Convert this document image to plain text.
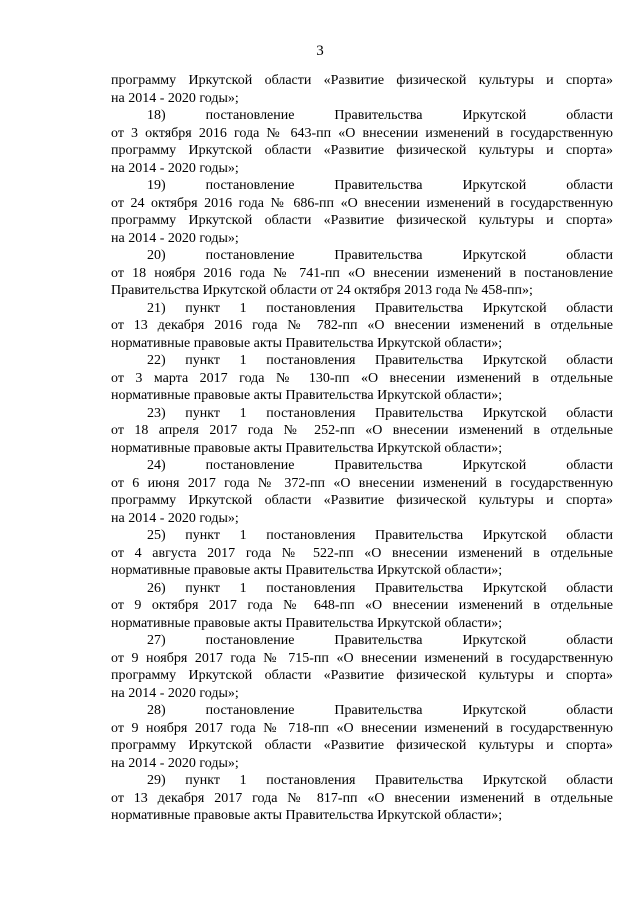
3
программу Иркутской области «Развитие физической культуры и спорта»
на 2014 - 2020 годы»;
18) постановление Правительства Иркутской области
от 3 октября 2016 года № 643-пп «О внесении изменений в государственную
программу Иркутской области «Развитие физической культуры и спорта»
на 2014 - 2020 годы»;
19) постановление Правительства Иркутской области
от 24 октября 2016 года № 686-пп «О внесении изменений в государственную
программу Иркутской области «Развитие физической культуры и спорта»
на 2014 - 2020 годы»;
20) постановление Правительства Иркутской области
от 18 ноября 2016 года № 741-пп «О внесении изменений в постановление
Правительства Иркутской области от 24 октября 2013 года № 458-пп»;
21) пункт 1 постановления Правительства Иркутской области
от 13 декабря 2016 года № 782-пп «О внесении изменений в отдельные
нормативные правовые акты Правительства Иркутской области»;
22) пункт 1 постановления Правительства Иркутской области
от 3 марта 2017 года № 130-пп «О внесении изменений в отдельные
нормативные правовые акты Правительства Иркутской области»;
23) пункт 1 постановления Правительства Иркутской области
от 18 апреля 2017 года № 252-пп «О внесении изменений в отдельные
нормативные правовые акты Правительства Иркутской области»;
24) постановление Правительства Иркутской области
от 6 июня 2017 года № 372-пп «О внесении изменений в государственную
программу Иркутской области «Развитие физической культуры и спорта»
на 2014 - 2020 годы»;
25) пункт 1 постановления Правительства Иркутской области
от 4 августа 2017 года № 522-пп «О внесении изменений в отдельные
нормативные правовые акты Правительства Иркутской области»;
26) пункт 1 постановления Правительства Иркутской области
от 9 октября 2017 года № 648-пп «О внесении изменений в отдельные
нормативные правовые акты Правительства Иркутской области»;
27) постановление Правительства Иркутской области
от 9 ноября 2017 года № 715-пп «О внесении изменений в государственную
программу Иркутской области «Развитие физической культуры и спорта»
на 2014 - 2020 годы»;
28) постановление Правительства Иркутской области
от 9 ноября 2017 года № 718-пп «О внесении изменений в государственную
программу Иркутской области «Развитие физической культуры и спорта»
на 2014 - 2020 годы»;
29) пункт 1 постановления Правительства Иркутской области
от 13 декабря 2017 года № 817-пп «О внесении изменений в отдельные
нормативные правовые акты Правительства Иркутской области»;
